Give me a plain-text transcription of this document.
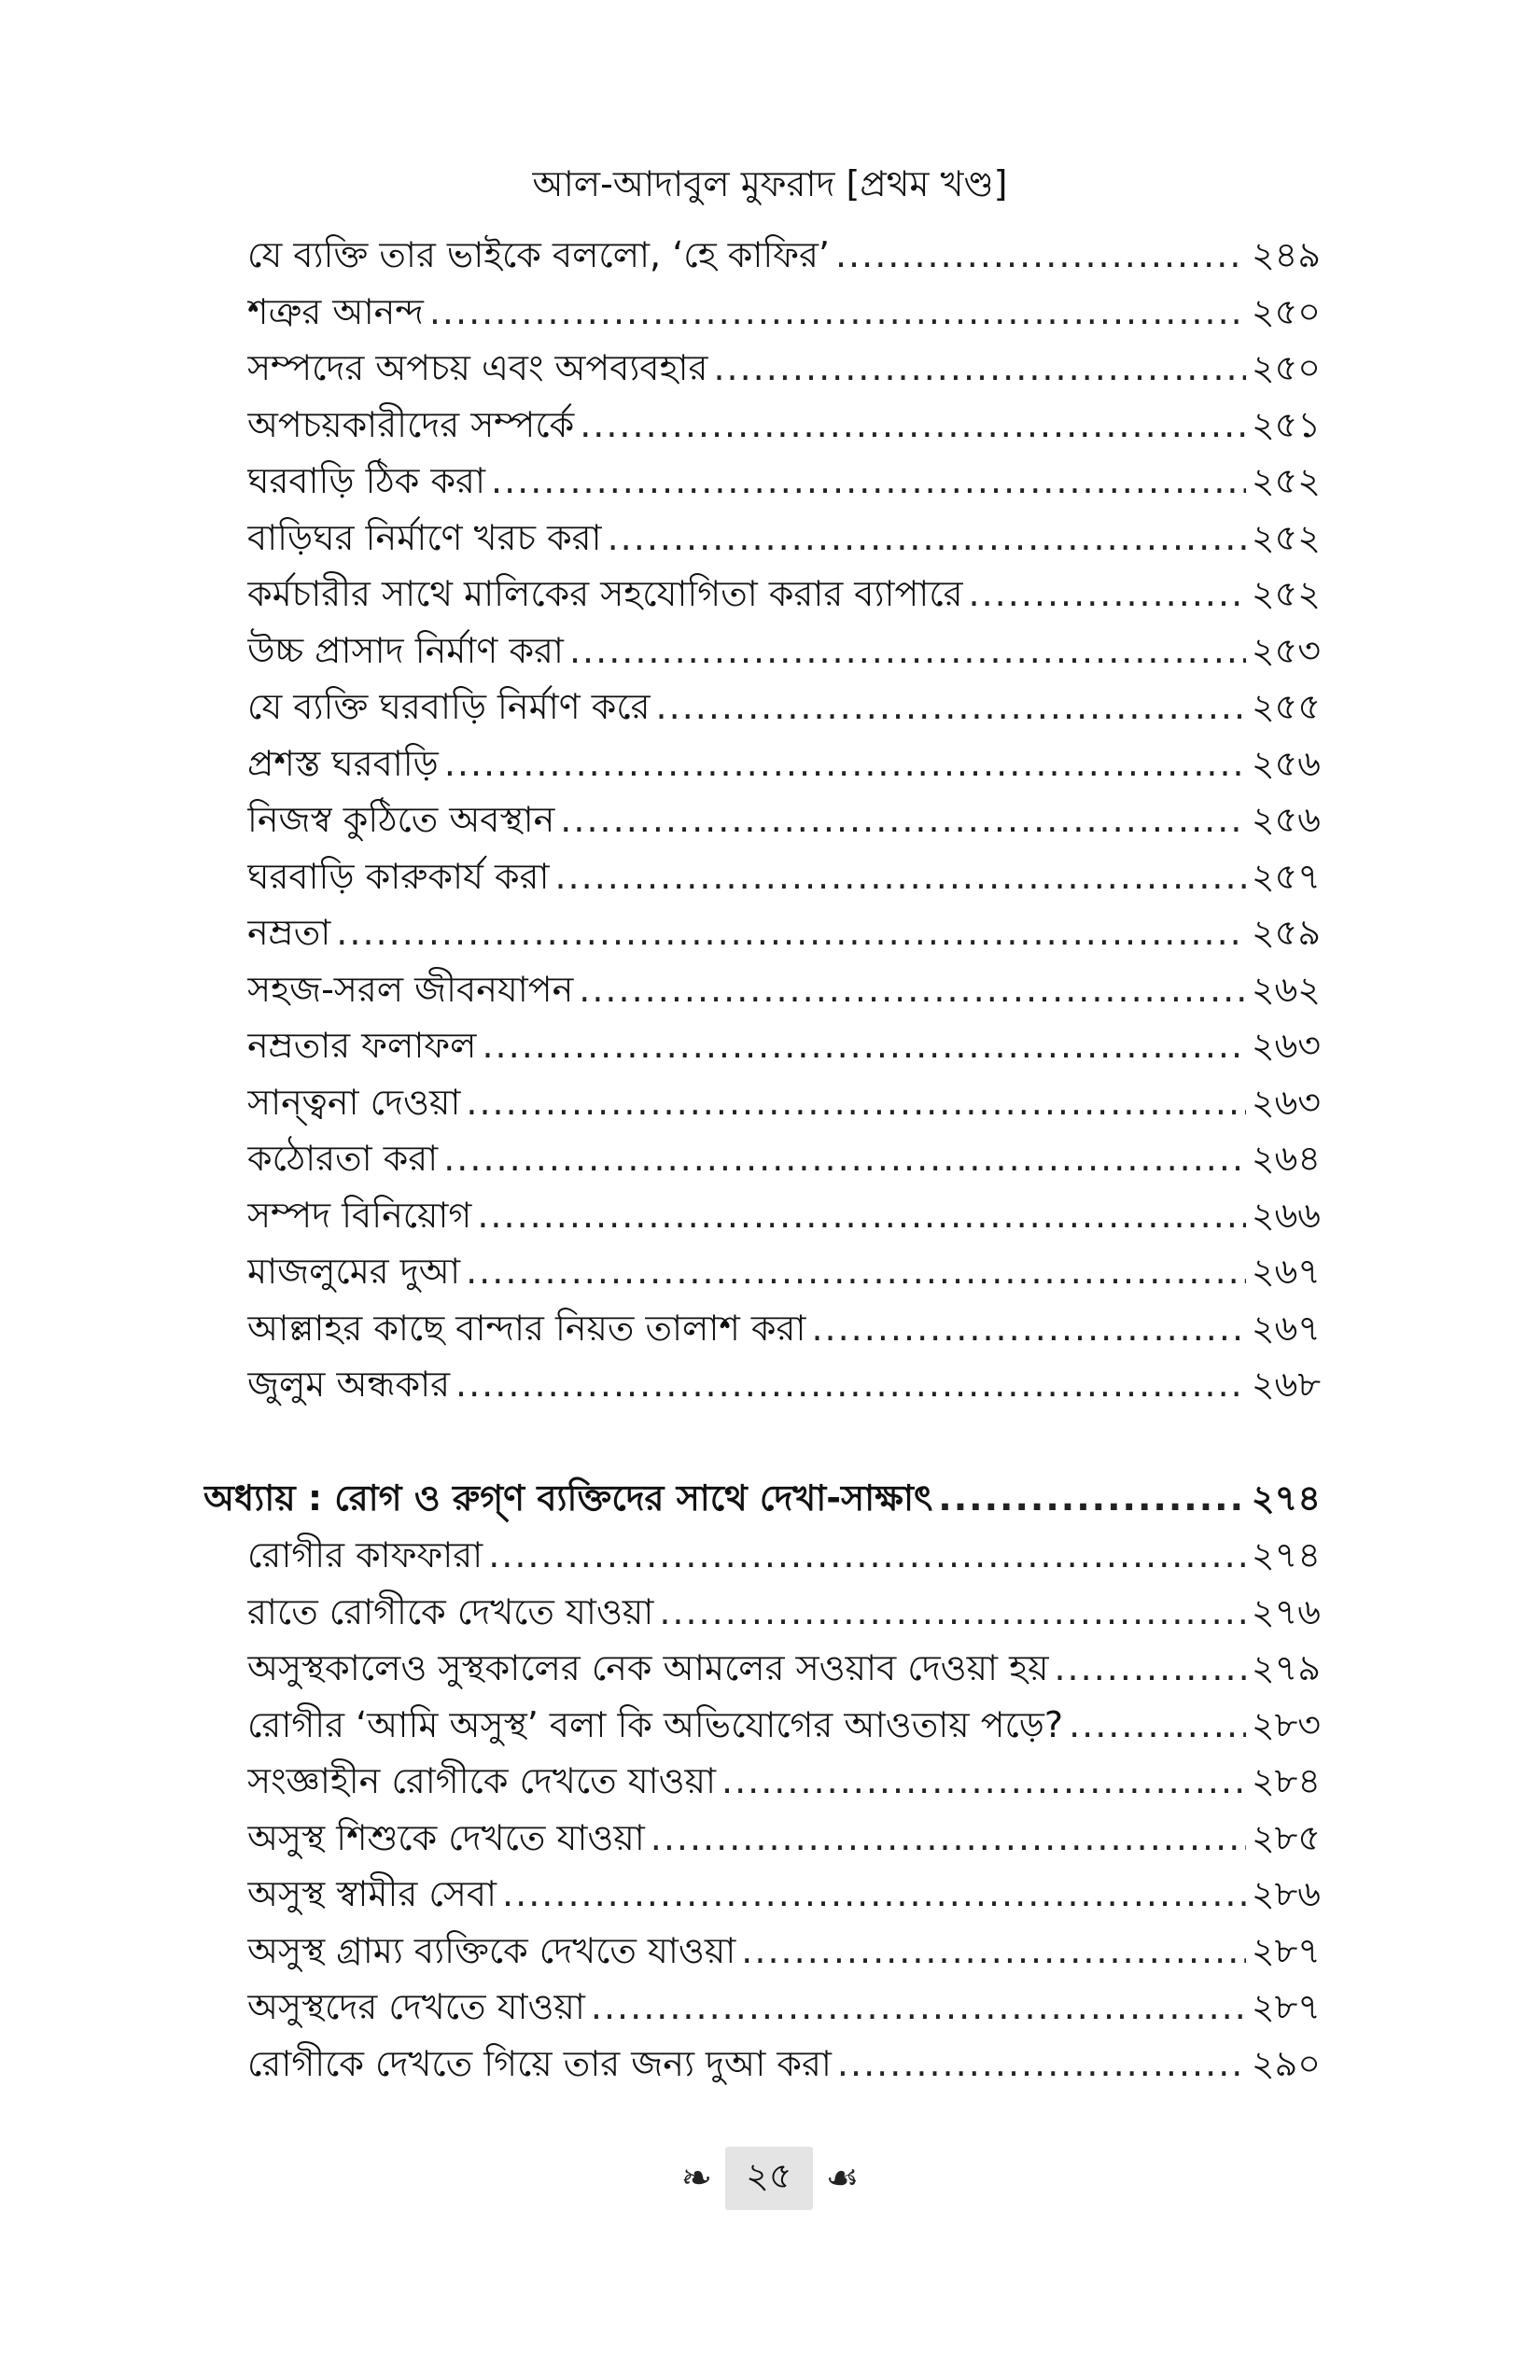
আল-আদাবুল মুফরাদ [প্রথম খণ্ড]
যে ব্যক্তি তার ভাইকে বললো, ‘হে কাফির’ .....	২৪৯
শত্রুর আনন্দ .....	২৫০
সম্পদের অপচয় এবং অপব্যবহার .....	২৫০
অপচয়কারীদের সম্পর্কে .....	২৫১
ঘরবাড়ি ঠিক করা .....	২৫২
বাড়িঘর নির্মাণে খরচ করা .....	২৫২
কর্মচারীর সাথে মালিকের সহযোগিতা করার ব্যাপারে .....	২৫২
উচ্চ প্রাসাদ নির্মাণ করা .....	২৫৩
যে ব্যক্তি ঘরবাড়ি নির্মাণ করে .....	২৫৫
প্রশস্ত ঘরবাড়ি .....	২৫৬
নিজস্ব কুঠিতে অবস্থান .....	২৫৬
ঘরবাড়ি কারুকার্য করা .....	২৫৭
নম্রতা .....	২৫৯
সহজ-সরল জীবনযাপন .....	২৬২
নম্রতার ফলাফল .....	২৬৩
সান্ত্বনা দেওয়া .....	২৬৩
কঠোরতা করা .....	২৬৪
সম্পদ বিনিয়োগ .....	২৬৬
মাজলুমের দুআ .....	২৬৭
আল্লাহর কাছে বান্দার নিয়ত তালাশ করা .....	২৬৭
জুলুম অন্ধকার .....	২৬৮
অধ্যায় : রোগ ও রুগ্‌ণ ব্যক্তিদের সাথে দেখা-সাক্ষাৎ .....	২৭৪
রোগীর কাফফারা .....	২৭৪
রাতে রোগীকে দেখতে যাওয়া .....	২৭৬
অসুস্থকালেও সুস্থকালের নেক আমলের সওয়াব দেওয়া হয় .....	২৭৯
রোগীর ‘আমি অসুস্থ’ বলা কি অভিযোগের আওতায় পড়ে? .....	২৮৩
সংজ্ঞাহীন রোগীকে দেখতে যাওয়া .....	২৮৪
অসুস্থ শিশুকে দেখতে যাওয়া .....	২৮৫
অসুস্থ স্বামীর সেবা .....	২৮৬
অসুস্থ গ্রাম্য ব্যক্তিকে দেখতে যাওয়া .....	২৮৭
অসুস্থদের দেখতে যাওয়া .....	২৮৭
রোগীকে দেখতে গিয়ে তার জন্য দুআ করা .....	২৯০
❧ ২৫ ☙
